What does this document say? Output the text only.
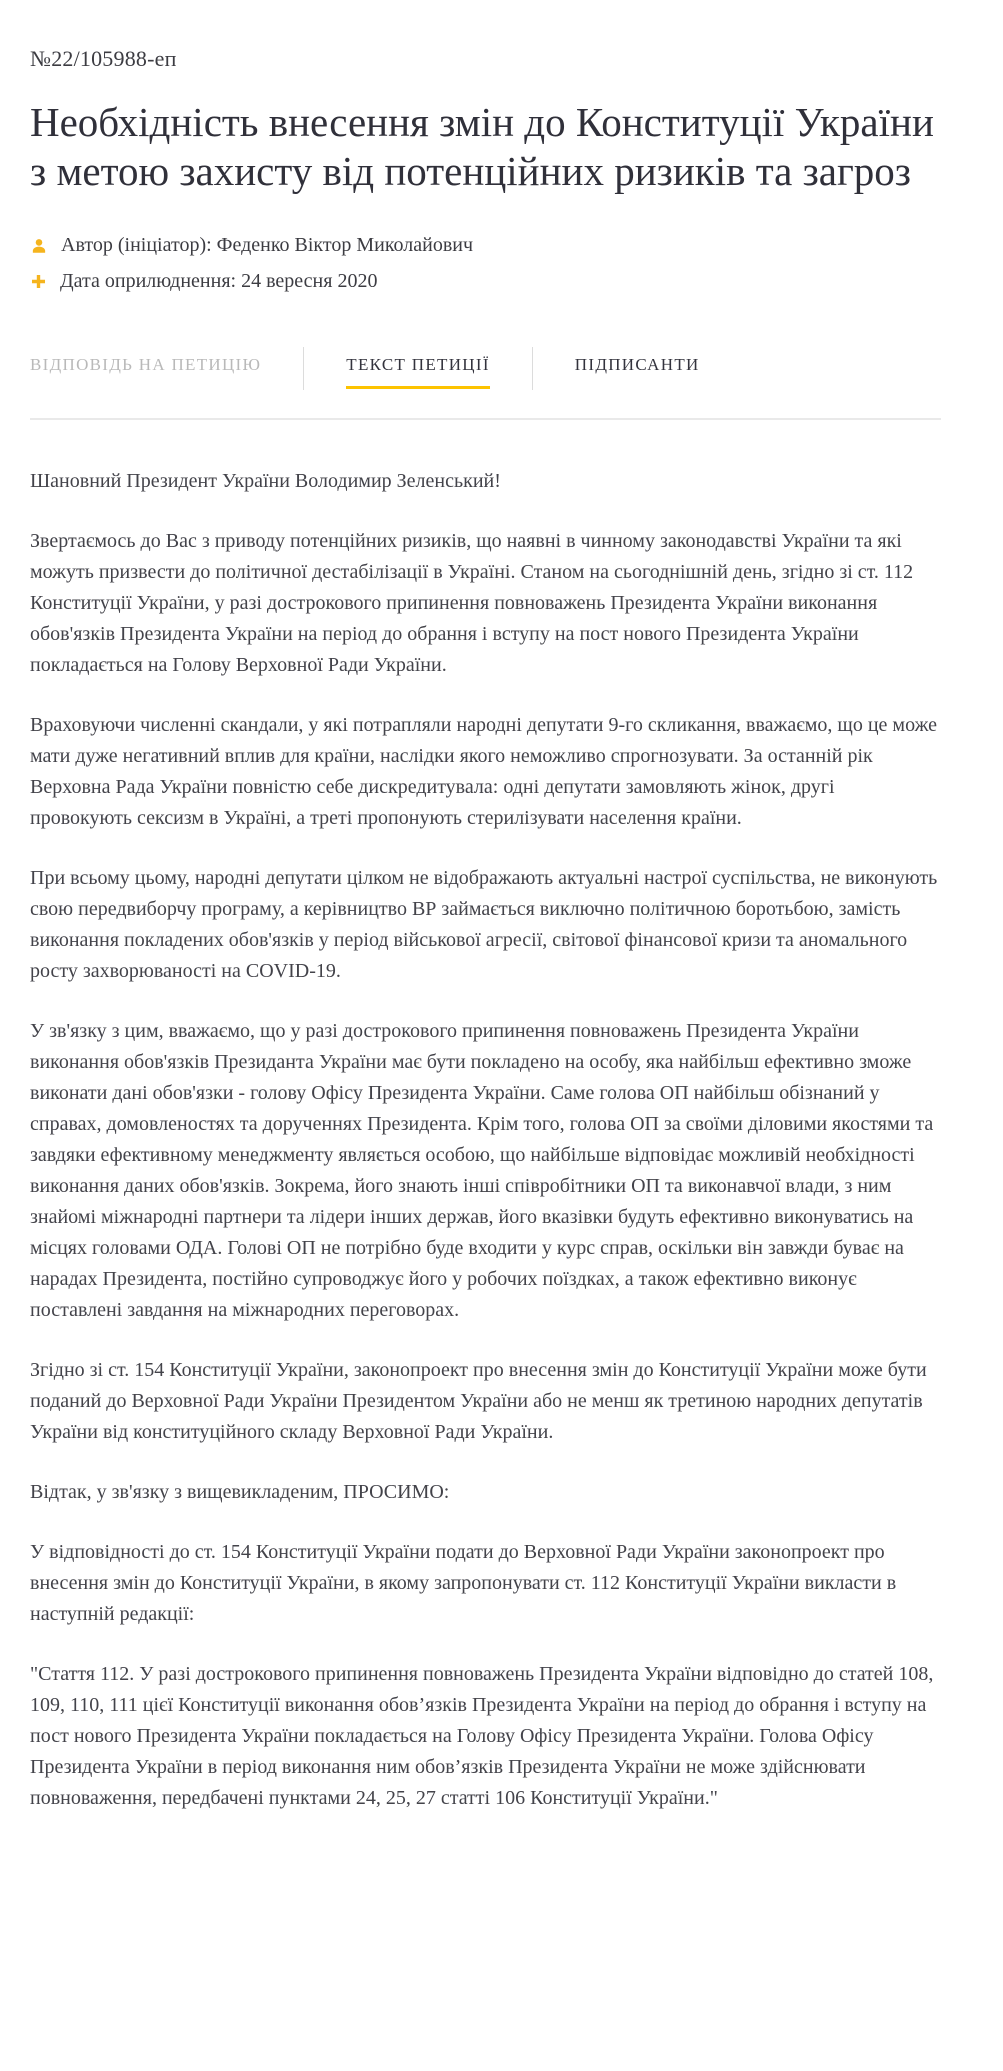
№22/105988-еп
Необхідність внесення змін до Конституції України з метою захисту від потенційних ризиків та загроз
Автор (ініціатор): Феденко Віктор Миколайович
Дата оприлюднення: 24 вересня 2020
ВІДПОВІДЬ НА ПЕТИЦІЮ	ТЕКСТ ПЕТИЦІЇ	ПІДПИСАНТИ

Шановний Президент України Володимир Зеленський!

Звертаємось до Вас з приводу потенційних ризиків, що наявні в чинному законодавстві України та які можуть призвести до політичної дестабілізації в Україні. Станом на сьогоднішній день, згідно зі ст. 112 Конституції України, у разі дострокового припинення повноважень Президента України виконання обов'язків Президента України на період до обрання і вступу на пост нового Президента України покладається на Голову Верховної Ради України.

Враховуючи численні скандали, у які потрапляли народні депутати 9-го скликання, вважаємо, що це може мати дуже негативний вплив для країни, наслідки якого неможливо спрогнозувати. За останній рік Верховна Рада України повністю себе дискредитувала: одні депутати замовляють жінок, другі провокують сексизм в Україні, а треті пропонують стерилізувати населення країни.

При всьому цьому, народні депутати цілком не відображають актуальні настрої суспільства, не виконують свою передвиборчу програму, а керівництво ВР займається виключно політичною боротьбою, замість виконання покладених обов'язків у період військової агресії, світової фінансової кризи та аномального росту захворюваності на COVID-19.

У зв'язку з цим, вважаємо, що у разі дострокового припинення повноважень Президента України виконання обов'язків Президанта України має бути покладено на особу, яка найбільш ефективно зможе виконати дані обов'язки - голову Офісу Президента України. Саме голова ОП найбільш обізнаний у справах, домовленостях та дорученнях Президента. Крім того, голова ОП за своїми діловими якостями та завдяки ефективному менеджменту являється особою, що найбільше відповідає можливій необхідності виконання даних обов'язків. Зокрема, його знають інші співробітники ОП та виконавчої влади, з ним знайомі міжнародні партнери та лідери інших держав, його вказівки будуть ефективно виконуватись на місцях головами ОДА. Голові ОП не потрібно буде входити у курс справ, оскільки він завжди буває на нарадах Президента, постійно супроводжує його у робочих поїздках, а також ефективно виконує поставлені завдання на міжнародних переговорах.

Згідно зі ст. 154 Конституції України, законопроект про внесення змін до Конституції України може бути поданий до Верховної Ради України Президентом України або не менш як третиною народних депутатів України від конституційного складу Верховної Ради України.

Відтак, у зв'язку з вищевикладеним, ПРОСИМО:

У відповідності до ст. 154 Конституції України подати до Верховної Ради України законопроект про внесення змін до Конституції України, в якому запропонувати ст. 112 Конституції України викласти в наступній редакції:

"Стаття 112. У разі дострокового припинення повноважень Президента України відповідно до статей 108, 109, 110, 111 цієї Конституції виконання обов’язків Президента України на період до обрання і вступу на пост нового Президента України покладається на Голову Офісу Президента України. Голова Офісу Президента України в період виконання ним обов’язків Президента України не може здійснювати повноваження, передбачені пунктами 24, 25, 27 статті 106 Конституції України."
